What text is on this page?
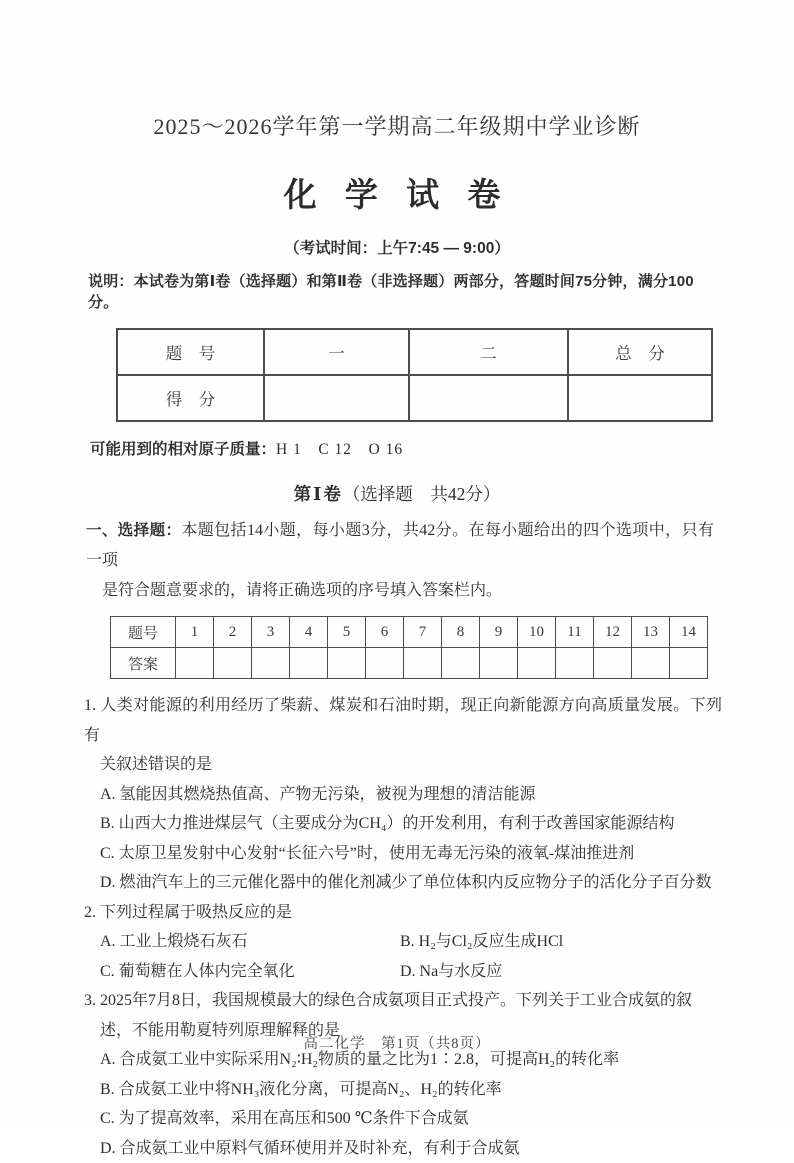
2025～2026学年第一学期高二年级期中学业诊断
化 学 试 卷
（考试时间：上午7:45 — 9:00）
说明：本试卷为第Ⅰ卷（选择题）和第Ⅱ卷（非选择题）两部分，答题时间75分钟，满分100分。
题　号	一	二	总　分
得　分			
可能用到的相对原子质量：H 1　C 12　O 16
第Ⅰ卷（选择题　共42分）
一、选择题：本题包括14小题，每小题3分，共42分。在每小题给出的四个选项中，只有一项
是符合题意要求的，请将正确选项的序号填入答案栏内。
题号	1	2	3	4	5	6	7	8	9	10	11	12	13	14
答案														
1. 人类对能源的利用经历了柴薪、煤炭和石油时期，现正向新能源方向高质量发展。下列有
关叙述错误的是
A. 氢能因其燃烧热值高、产物无污染，被视为理想的清洁能源
B. 山西大力推进煤层气（主要成分为CH₄）的开发利用，有利于改善国家能源结构
C. 太原卫星发射中心发射“长征六号”时，使用无毒无污染的液氧-煤油推进剂
D. 燃油汽车上的三元催化器中的催化剂减少了单位体积内反应物分子的活化分子百分数
2. 下列过程属于吸热反应的是
A. 工业上煅烧石灰石	B. H₂与Cl₂反应生成HCl
C. 葡萄糖在人体内完全氧化	D. Na与水反应
3. 2025年7月8日，我国规模最大的绿色合成氨项目正式投产。下列关于工业合成氨的叙
述，不能用勒夏特列原理解释的是
A. 合成氨工业中实际采用N₂∶H₂物质的量之比为1∶2.8，可提高H₂的转化率
B. 合成氨工业中将NH₃液化分离，可提高N₂、H₂的转化率
C. 为了提高效率，采用在高压和500 ℃条件下合成氨
D. 合成氨工业中原料气循环使用并及时补充，有利于合成氨
高二化学　第1页（共8页）
